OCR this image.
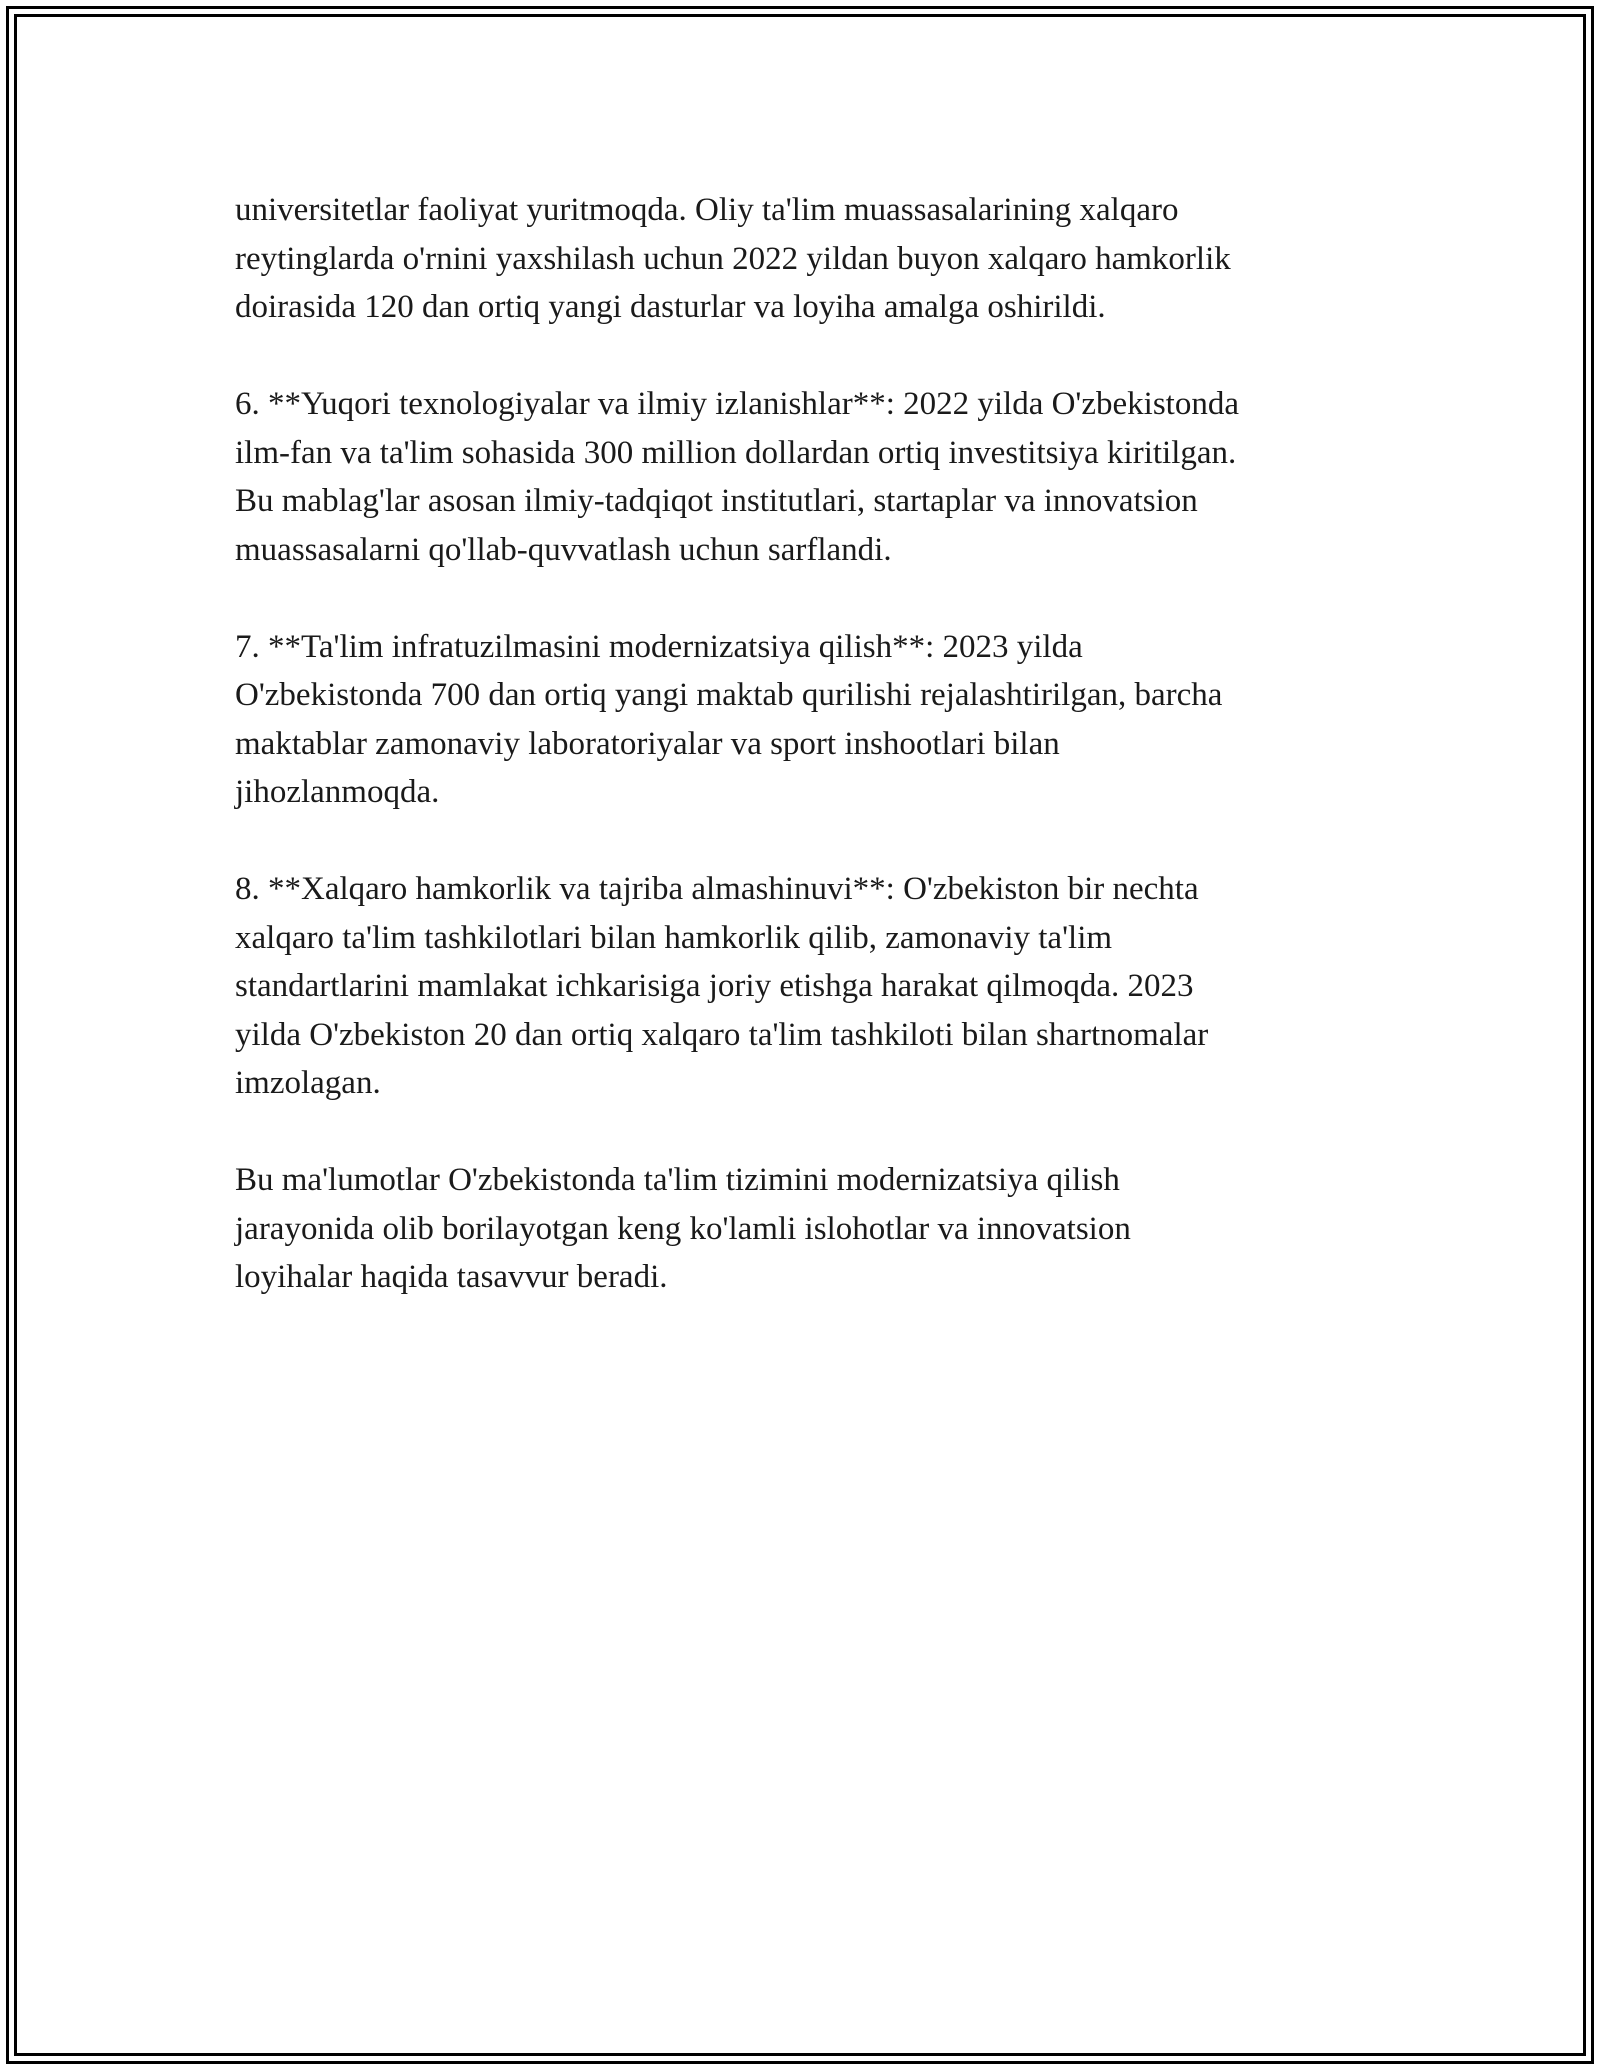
universitetlar faoliyat yuritmoqda. Oliy ta'lim muassasalarining xalqaro
reytinglarda o'rnini yaxshilash uchun 2022 yildan buyon xalqaro hamkorlik
doirasida 120 dan ortiq yangi dasturlar va loyiha amalga oshirildi.

6. **Yuqori texnologiyalar va ilmiy izlanishlar**: 2022 yilda O'zbekistonda
ilm-fan va ta'lim sohasida 300 million dollardan ortiq investitsiya kiritilgan.
Bu mablag'lar asosan ilmiy-tadqiqot institutlari, startaplar va innovatsion
muassasalarni qo'llab-quvvatlash uchun sarflandi.

7. **Ta'lim infratuzilmasini modernizatsiya qilish**: 2023 yilda
O'zbekistonda 700 dan ortiq yangi maktab qurilishi rejalashtirilgan, barcha
maktablar zamonaviy laboratoriyalar va sport inshootlari bilan
jihozlanmoqda.

8. **Xalqaro hamkorlik va tajriba almashinuvi**: O'zbekiston bir nechta
xalqaro ta'lim tashkilotlari bilan hamkorlik qilib, zamonaviy ta'lim
standartlarini mamlakat ichkarisiga joriy etishga harakat qilmoqda. 2023
yilda O'zbekiston 20 dan ortiq xalqaro ta'lim tashkiloti bilan shartnomalar
imzolagan.

Bu ma'lumotlar O'zbekistonda ta'lim tizimini modernizatsiya qilish
jarayonida olib borilayotgan keng ko'lamli islohotlar va innovatsion
loyihalar haqida tasavvur beradi.
